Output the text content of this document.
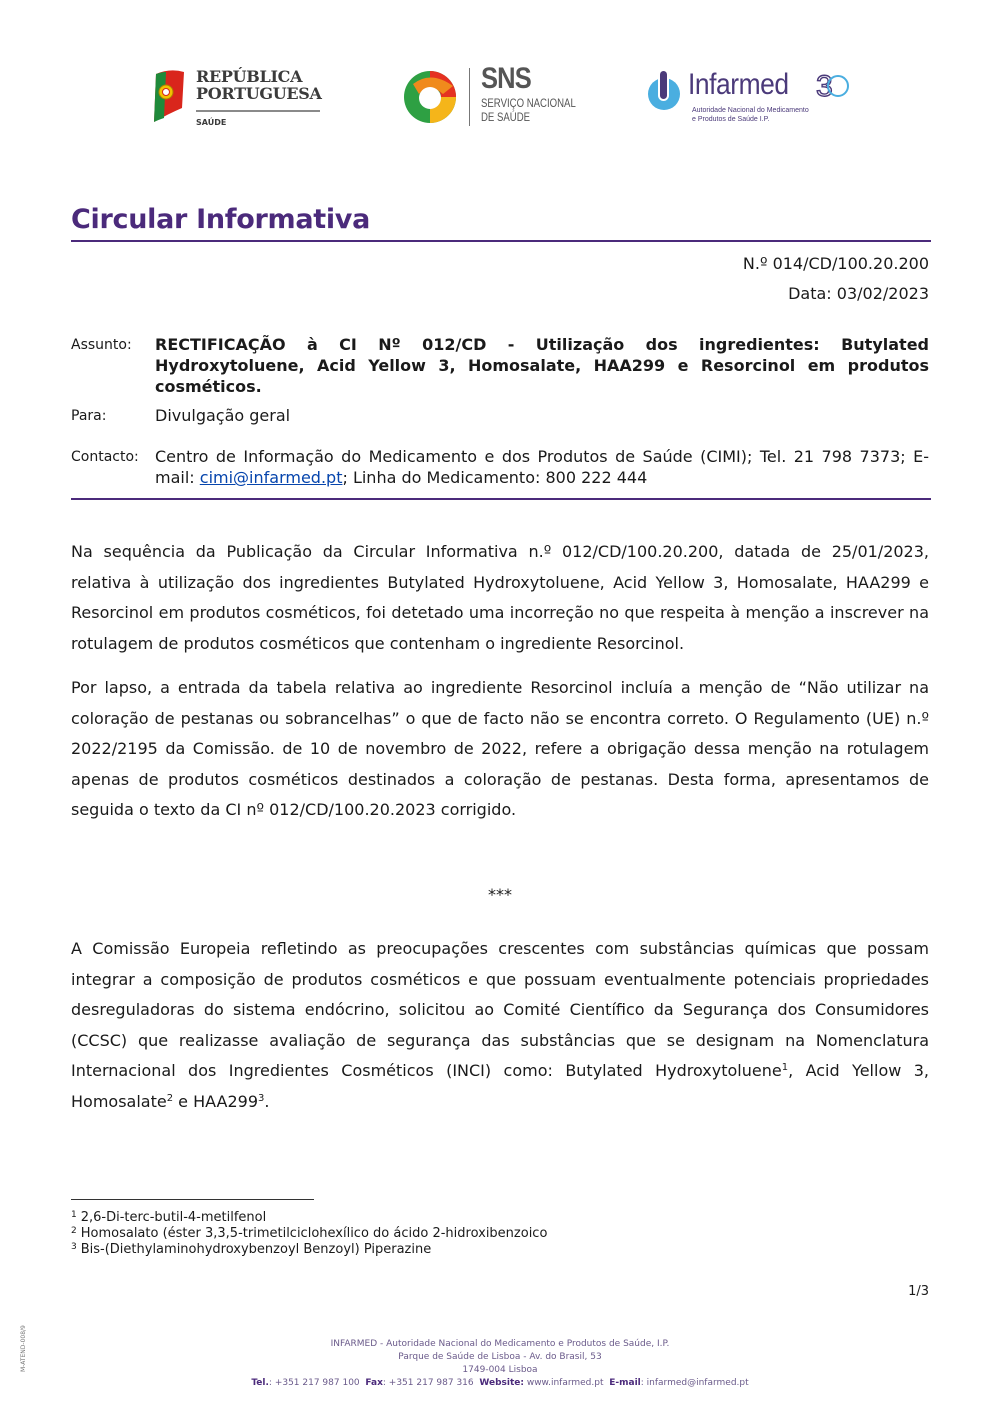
REPÚBLICA
PORTUGUESA
SAÚDE
SNS
SERVIÇO NACIONAL
DE SAÚDE
Infarmed 3
Autoridade Nacional do Medicamento
e Produtos de Saúde I.P.
Circular Informativa
N.º 014/CD/100.20.200
Data: 03/02/2023
Assunto: RECTIFICAÇÃO à CI Nº 012/CD - Utilização dos ingredientes: Butylated Hydroxytoluene, Acid Yellow 3, Homosalate, HAA299 e Resorcinol em produtos cosméticos.
Para:	Divulgação geral
Contacto: Centro de Informação do Medicamento e dos Produtos de Saúde (CIMI); Tel. 21 798 7373; E-mail: cimi@infarmed.pt; Linha do Medicamento: 800 222 444
Na sequência da Publicação da Circular Informativa n.º 012/CD/100.20.200, datada de 25/01/2023, relativa à utilização dos ingredientes Butylated Hydroxytoluene, Acid Yellow 3, Homosalate, HAA299 e Resorcinol em produtos cosméticos, foi detetado uma incorreção no que respeita à menção a inscrever na rotulagem de produtos cosméticos que contenham o ingrediente Resorcinol.
Por lapso, a entrada da tabela relativa ao ingrediente Resorcinol incluía a menção de “Não utilizar na coloração de pestanas ou sobrancelhas” o que de facto não se encontra correto. O Regulamento (UE) n.º 2022/2195 da Comissão. de 10 de novembro de 2022, refere a obrigação dessa menção na rotulagem apenas de produtos cosméticos destinados a coloração de pestanas. Desta forma, apresentamos de seguida o texto da CI nº 012/CD/100.20.2023 corrigido.
***
A Comissão Europeia refletindo as preocupações crescentes com substâncias químicas que possam integrar a composição de produtos cosméticos e que possuam eventualmente potenciais propriedades desreguladoras do sistema endócrino, solicitou ao Comité Científico da Segurança dos Consumidores (CCSC) que realizasse avaliação de segurança das substâncias que se designam na Nomenclatura Internacional dos Ingredientes Cosméticos (INCI) como: Butylated Hydroxytoluene$^1$, Acid Yellow 3, Homosalate$^2$ e $HAA299^3$.
$^1$ 2,6-Di-terc-butil-4-metilfenol
$^2$ Homosalato (éster 3,3,5-trimetilciclohexílico do ácido 2-hidroxibenzoico
$^3$ Bis-(Diethylaminohydroxybenzoyl Benzoyl) Piperazine
1/3
INFARMED - Autoridade Nacional do Medicamento e Produtos de Saúde, I.P.
Parque de Saúde de Lisboa - Av. do Brasil, 53
1749-004 Lisboa
Tel.: +351 217 987 100 Fax: +351 217 987 316 Website: www.infarmed.pt E-mail: infarmed@infarmed.pt
M-ATEND-008/9
